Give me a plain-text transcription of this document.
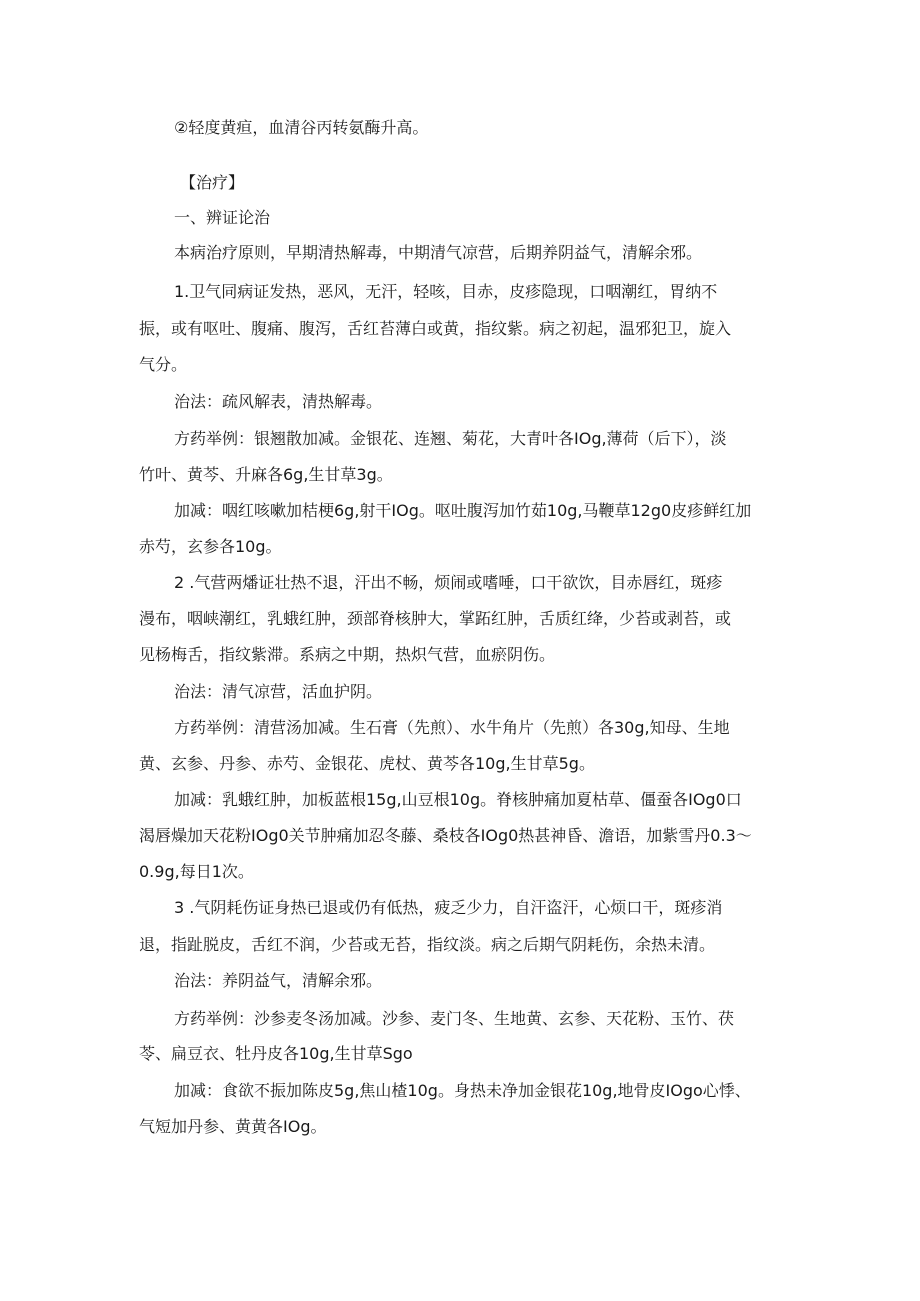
②轻度黄疸，血清谷丙转氨酶升高。
【治疗】
一、辨证论治
本病治疗原则，早期清热解毒，中期清气凉营，后期养阴益气，清解余邪。
1.卫气同病证发热，恶风，无汗，轻咳，目赤，皮疹隐现，口咽潮红，胃纳不
振，或有呕吐、腹痛、腹泻，舌红苔薄白或黄，指纹紫。病之初起，温邪犯卫，旋入
气分。
治法：疏风解表，清热解毒。
方药举例：银翘散加减。金银花、连翘、菊花，大青叶各IOg,薄荷（后下），淡
竹叶、黄芩、升麻各6g,生甘草3g。
加减：咽红咳嗽加桔梗6g,射干IOg。呕吐腹泻加竹茹10g,马鞭草12g0皮疹鲜红加
赤芍，玄参各10g。
2 .气营两燔证壮热不退，汗出不畅，烦闹或嗜唾，口干欲饮，目赤唇红，斑疹
漫布，咽峡潮红，乳蛾红肿，颈部脊核肿大，掌跖红肿，舌质红绛，少苔或剥苔，或
见杨梅舌，指纹紫滞。系病之中期，热炽气营，血瘀阴伤。
治法：清气凉营，活血护阴。
方药举例：清营汤加减。生石膏（先煎）、水牛角片（先煎）各30g,知母、生地
黄、玄参、丹参、赤芍、金银花、虎杖、黄芩各10g,生甘草5g。
加减：乳蛾红肿，加板蓝根15g,山豆根10g。脊核肿痛加夏枯草、僵蚕各IOg0口
渴唇燥加天花粉IOg0关节肿痛加忍冬藤、桑枝各IOg0热甚神昏、澹语，加紫雪丹0.3〜
0.9g,每日1次。
3 .气阴耗伤证身热已退或仍有低热，疲乏少力，自汗盗汗，心烦口干，斑疹消
退，指趾脱皮，舌红不润，少苔或无苔，指纹淡。病之后期气阴耗伤，余热未清。
治法：养阴益气，清解余邪。
方药举例：沙参麦冬汤加减。沙参、麦门冬、生地黄、玄参、天花粉、玉竹、茯
苓、扁豆衣、牡丹皮各10g,生甘草Sgo
加减：食欲不振加陈皮5g,焦山楂10g。身热未净加金银花10g,地骨皮IOgo心悸、
气短加丹参、黄黄各IOg。
